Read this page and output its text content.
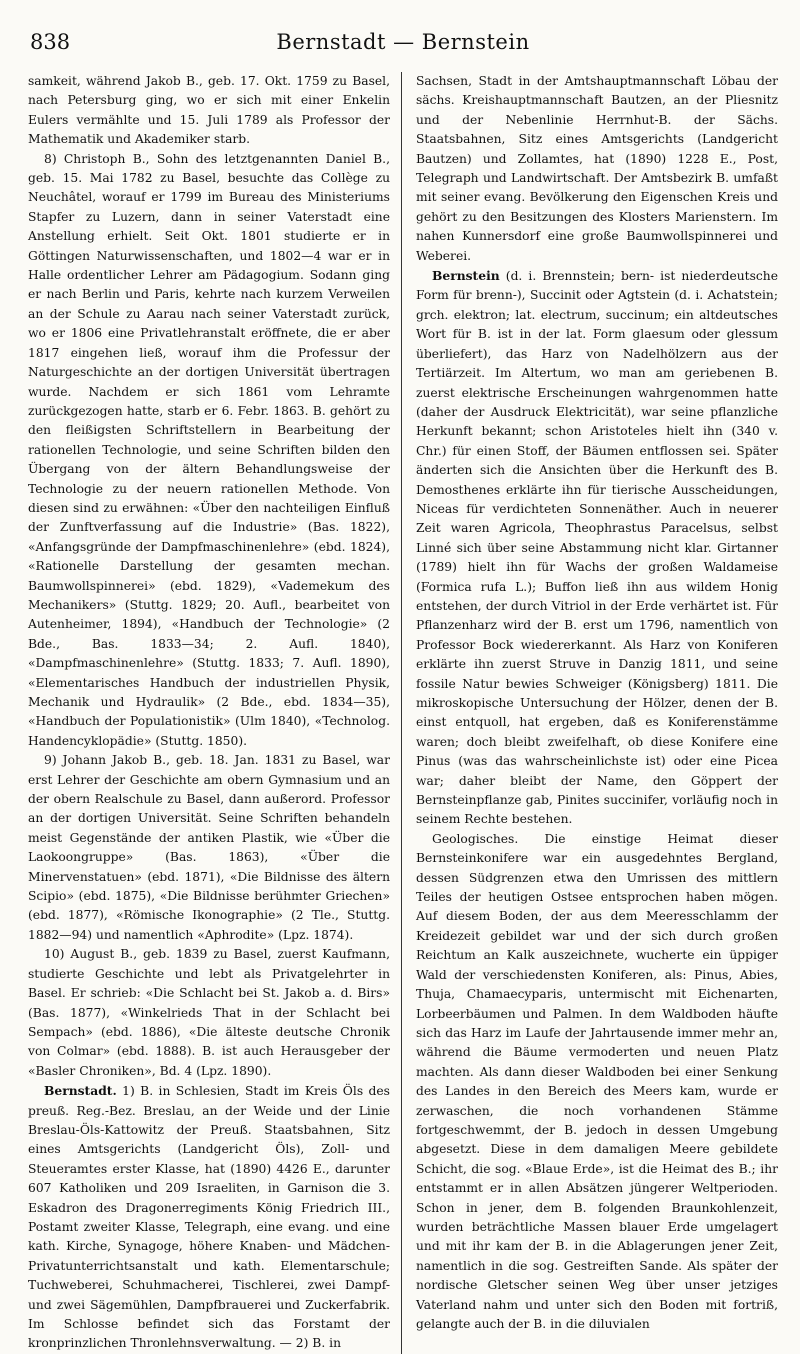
838	Bernstadt — Bernstein

samkeit, während Jakob B., geb. 17. Okt. 1759 zu Basel, nach Petersburg ging, wo er sich mit einer Enkelin Eulers vermählte und 15. Juli 1789 als Professor der Mathematik und Akademiker starb.

8) Christoph B., Sohn des letztgenannten Daniel B., geb. 15. Mai 1782 zu Basel, besuchte das Collège zu Neuchâtel, worauf er 1799 im Bureau des Ministeriums Stapfer zu Luzern, dann in seiner Vaterstadt eine Anstellung erhielt. Seit Okt. 1801 studierte er in Göttingen Naturwissenschaften, und 1802—4 war er in Halle ordentlicher Lehrer am Pädagogium. Sodann ging er nach Berlin und Paris, kehrte nach kurzem Verweilen an der Schule zu Aarau nach seiner Vaterstadt zurück, wo er 1806 eine Privatlehranstalt eröffnete, die er aber 1817 eingehen ließ, worauf ihm die Professur der Naturgeschichte an der dortigen Universität übertragen wurde. Nachdem er sich 1861 vom Lehramte zurückgezogen hatte, starb er 6. Febr. 1863. B. gehört zu den fleißigsten Schriftstellern in Bearbeitung der rationellen Technologie, und seine Schriften bilden den Übergang von der ältern Behandlungsweise der Technologie zu der neuern rationellen Methode. Von diesen sind zu erwähnen: «Über den nachteiligen Einfluß der Zunftverfassung auf die Industrie» (Bas. 1822), «Anfangsgründe der Dampfmaschinenlehre» (ebd. 1824), «Rationelle Darstellung der gesamten mechan. Baumwollspinnerei» (ebd. 1829), «Vademekum des Mechanikers» (Stuttg. 1829; 20. Aufl., bearbeitet von Autenheimer, 1894), «Handbuch der Technologie» (2 Bde., Bas. 1833—34; 2. Aufl. 1840), «Dampfmaschinenlehre» (Stuttg. 1833; 7. Aufl. 1890), «Elementarisches Handbuch der industriellen Physik, Mechanik und Hydraulik» (2 Bde., ebd. 1834—35), «Handbuch der Populationistik» (Ulm 1840), «Technolog. Handencyklopädie» (Stuttg. 1850).

9) Johann Jakob B., geb. 18. Jan. 1831 zu Basel, war erst Lehrer der Geschichte am obern Gymnasium und an der obern Realschule zu Basel, dann außerord. Professor an der dortigen Universität. Seine Schriften behandeln meist Gegenstände der antiken Plastik, wie «Über die Laokoongruppe» (Bas. 1863), «Über die Minervenstatuen» (ebd. 1871), «Die Bildnisse des ältern Scipio» (ebd. 1875), «Die Bildnisse berühmter Griechen» (ebd. 1877), «Römische Ikonographie» (2 Tle., Stuttg. 1882—94) und namentlich «Aphrodite» (Lpz. 1874).

10) August B., geb. 1839 zu Basel, zuerst Kaufmann, studierte Geschichte und lebt als Privatgelehrter in Basel. Er schrieb: «Die Schlacht bei St. Jakob a. d. Birs» (Bas. 1877), «Winkelrieds That in der Schlacht bei Sempach» (ebd. 1886), «Die älteste deutsche Chronik von Colmar» (ebd. 1888). B. ist auch Herausgeber der «Basler Chroniken», Bd. 4 (Lpz. 1890).

Bernstadt. 1) B. in Schlesien, Stadt im Kreis Öls des preuß. Reg.-Bez. Breslau, an der Weide und der Linie Breslau-Öls-Kattowitz der Preuß. Staatsbahnen, Sitz eines Amtsgerichts (Landgericht Öls), Zoll- und Steueramtes erster Klasse, hat (1890) 4426 E., darunter 607 Katholiken und 209 Israeliten, in Garnison die 3. Eskadron des Dragonerregiments König Friedrich III., Postamt zweiter Klasse, Telegraph, eine evang. und eine kath. Kirche, Synagoge, höhere Knaben- und Mädchen-Privatunterrichtsanstalt und kath. Elementarschule; Tuchweberei, Schuhmacherei, Tischlerei, zwei Dampf- und zwei Sägemühlen, Dampfbrauerei und Zuckerfabrik. Im Schlosse befindet sich das Forstamt der kronprinzlichen Thronlehnsverwaltung. — 2) B. in

Sachsen, Stadt in der Amtshauptmannschaft Löbau der sächs. Kreishauptmannschaft Bautzen, an der Pliesnitz und der Nebenlinie Herrnhut-B. der Sächs. Staatsbahnen, Sitz eines Amtsgerichts (Landgericht Bautzen) und Zollamtes, hat (1890) 1228 E., Post, Telegraph und Landwirtschaft. Der Amtsbezirk B. umfaßt mit seiner evang. Bevölkerung den Eigenschen Kreis und gehört zu den Besitzungen des Klosters Marienstern. Im nahen Kunnersdorf eine große Baumwollspinnerei und Weberei.

Bernstein (d. i. Brennstein; bern- ist niederdeutsche Form für brenn-), Succinit oder Agtstein (d. i. Achatstein; grch. elektron; lat. electrum, succinum; ein altdeutsches Wort für B. ist in der lat. Form glaesum oder glessum überliefert), das Harz von Nadelhölzern aus der Tertiärzeit. Im Altertum, wo man am geriebenen B. zuerst elektrische Erscheinungen wahrgenommen hatte (daher der Ausdruck Elektricität), war seine pflanzliche Herkunft bekannt; schon Aristoteles hielt ihn (340 v. Chr.) für einen Stoff, der Bäumen entflossen sei. Später änderten sich die Ansichten über die Herkunft des B. Demosthenes erklärte ihn für tierische Ausscheidungen, Niceas für verdichteten Sonnenäther. Auch in neuerer Zeit waren Agricola, Theophrastus Paracelsus, selbst Linné sich über seine Abstammung nicht klar. Girtanner (1789) hielt ihn für Wachs der großen Waldameise (Formica rufa L.); Buffon ließ ihn aus wildem Honig entstehen, der durch Vitriol in der Erde verhärtet ist. Für Pflanzenharz wird der B. erst um 1796, namentlich von Professor Bock wiedererkannt. Als Harz von Koniferen erklärte ihn zuerst Struve in Danzig 1811, und seine fossile Natur bewies Schweiger (Königsberg) 1811. Die mikroskopische Untersuchung der Hölzer, denen der B. einst entquoll, hat ergeben, daß es Koniferenstämme waren; doch bleibt zweifelhaft, ob diese Konifere eine Pinus (was das wahrscheinlichste ist) oder eine Picea war; daher bleibt der Name, den Göppert der Bernsteinpflanze gab, Pinites succinifer, vorläufig noch in seinem Rechte bestehen.

Geologisches. Die einstige Heimat dieser Bernsteinkonifere war ein ausgedehntes Bergland, dessen Südgrenzen etwa den Umrissen des mittlern Teiles der heutigen Ostsee entsprochen haben mögen. Auf diesem Boden, der aus dem Meeresschlamm der Kreidezeit gebildet war und der sich durch großen Reichtum an Kalk auszeichnete, wucherte ein üppiger Wald der verschiedensten Koniferen, als: Pinus, Abies, Thuja, Chamaecyparis, untermischt mit Eichenarten, Lorbeerbäumen und Palmen. In dem Waldboden häufte sich das Harz im Laufe der Jahrtausende immer mehr an, während die Bäume vermoderten und neuen Platz machten. Als dann dieser Waldboden bei einer Senkung des Landes in den Bereich des Meers kam, wurde er zerwaschen, die noch vorhandenen Stämme fortgeschwemmt, der B. jedoch in dessen Umgebung abgesetzt. Diese in dem damaligen Meere gebildete Schicht, die sog. «Blaue Erde», ist die Heimat des B.; ihr entstammt er in allen Absätzen jüngerer Weltperioden. Schon in jener, dem B. folgenden Braunkohlenzeit, wurden beträchtliche Massen blauer Erde umgelagert und mit ihr kam der B. in die Ablagerungen jener Zeit, namentlich in die sog. Gestreiften Sande. Als später der nordische Gletscher seinen Weg über unser jetziges Vaterland nahm und unter sich den Boden mit fortriß, gelangte auch der B. in die diluvialen
